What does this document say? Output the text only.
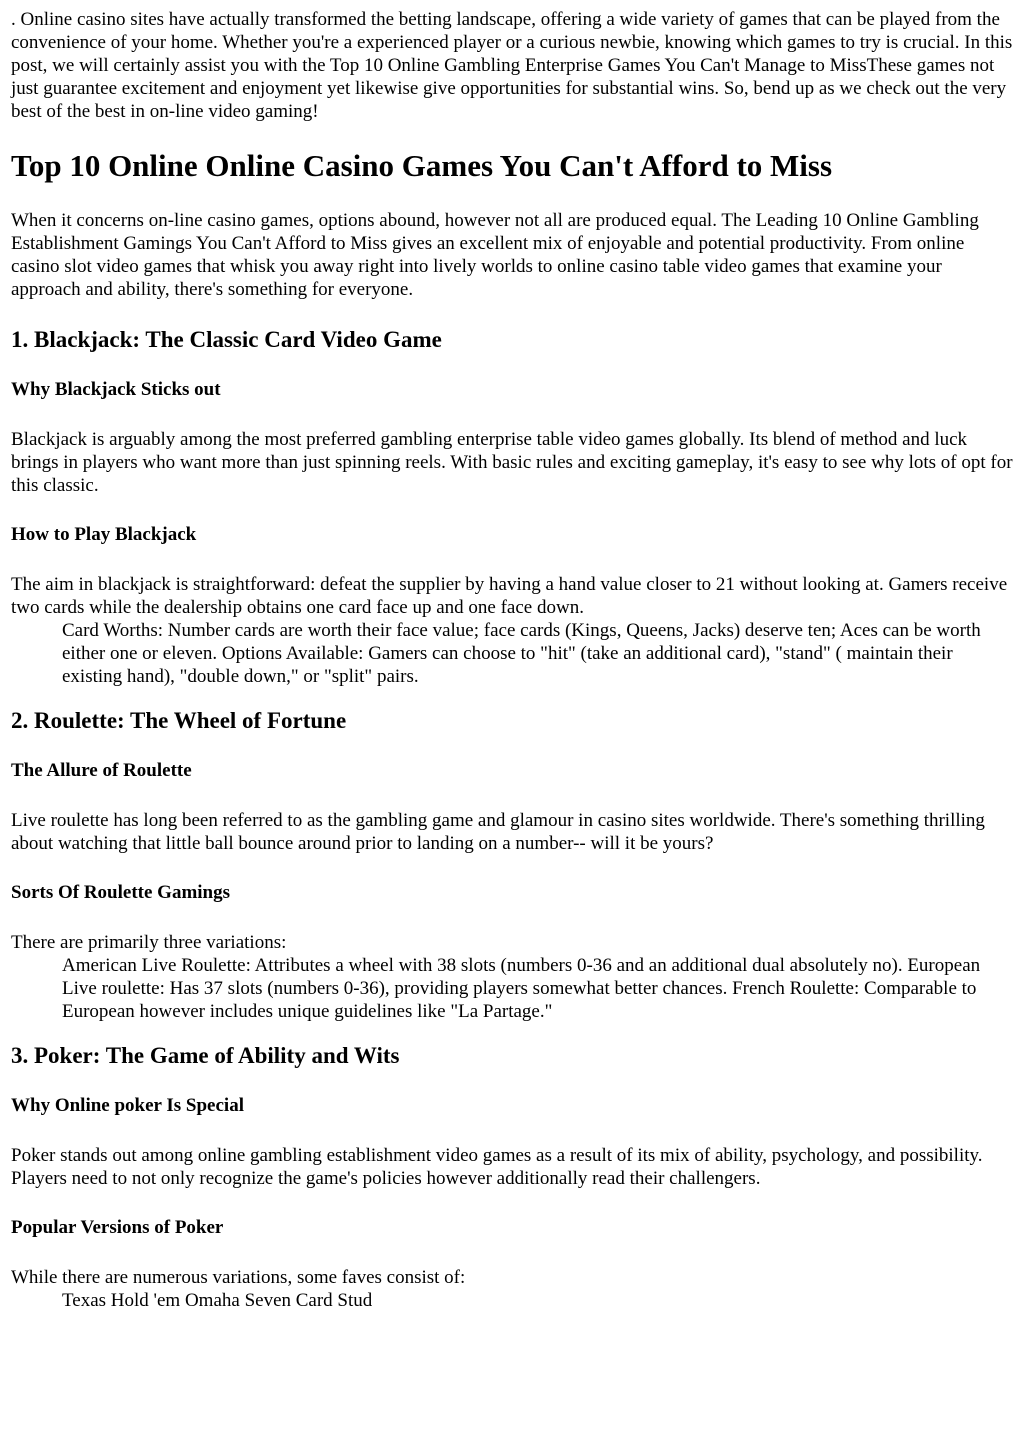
. Online casino sites have actually transformed the betting landscape, offering a wide variety of games that can be played from the convenience of your home. Whether you're a experienced player or a curious newbie, knowing which games to try is crucial. In this post, we will certainly assist you with the Top 10 Online Gambling Enterprise Games You Can't Manage to MissThese games not just guarantee excitement and enjoyment yet likewise give opportunities for substantial wins. So, bend up as we check out the very best of the best in on-line video gaming!

Top 10 Online Online Casino Games You Can't Afford to Miss

When it concerns on-line casino games, options abound, however not all are produced equal. The Leading 10 Online Gambling Establishment Gamings You Can't Afford to Miss gives an excellent mix of enjoyable and potential productivity. From online casino slot video games that whisk you away right into lively worlds to online casino table video games that examine your approach and ability, there's something for everyone.

1. Blackjack: The Classic Card Video Game
Why Blackjack Sticks out

Blackjack is arguably among the most preferred gambling enterprise table video games globally. Its blend of method and luck brings in players who want more than just spinning reels. With basic rules and exciting gameplay, it's easy to see why lots of opt for this classic.

How to Play Blackjack

The aim in blackjack is straightforward: defeat the supplier by having a hand value closer to 21 without looking at. Gamers receive two cards while the dealership obtains one card face up and one face down.

Card Worths: Number cards are worth their face value; face cards (Kings, Queens, Jacks) deserve ten; Aces can be worth either one or eleven. Options Available: Gamers can choose to "hit" (take an additional card), "stand" ( maintain their existing hand), "double down," or "split" pairs.
2. Roulette: The Wheel of Fortune
The Allure of Roulette

Live roulette has long been referred to as the gambling game and glamour in casino sites worldwide. There's something thrilling about watching that little ball bounce around prior to landing on a number-- will it be yours?

Sorts Of Roulette Gamings

There are primarily three variations:

American Live Roulette: Attributes a wheel with 38 slots (numbers 0-36 and an additional dual absolutely no). European Live roulette: Has 37 slots (numbers 0-36), providing players somewhat better chances. French Roulette: Comparable to European however includes unique guidelines like "La Partage."
3. Poker: The Game of Ability and Wits
Why Online poker Is Special

Poker stands out among online gambling establishment video games as a result of its mix of ability, psychology, and possibility. Players need to not only recognize the game's policies however additionally read their challengers.

Popular Versions of Poker

While there are numerous variations, some faves consist of:

Texas Hold 'em Omaha Seven Card Stud
